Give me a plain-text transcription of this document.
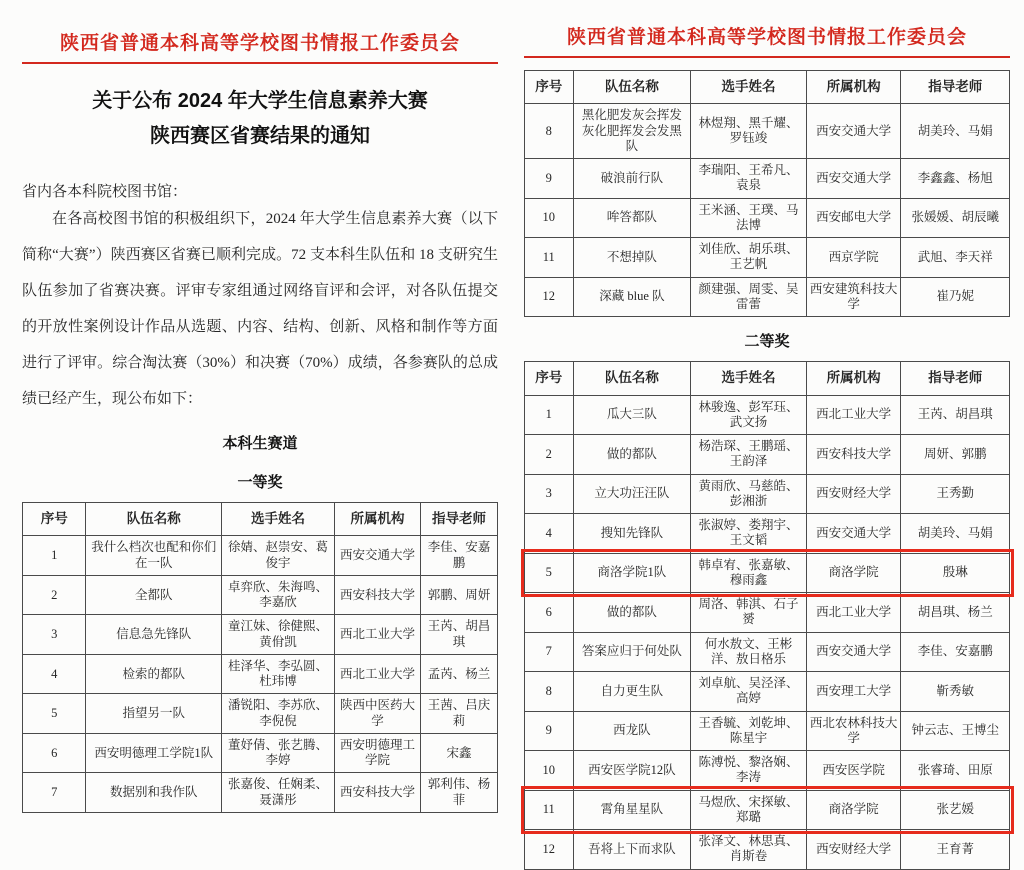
陕西省普通本科高等学校图书情报工作委员会
关于公布 2024 年大学生信息素养大赛
陕西赛区省赛结果的通知
省内各本科院校图书馆：

在各高校图书馆的积极组织下，2024 年大学生信息素养大赛（以下简称“大赛”）陕西赛区省赛已顺利完成。72 支本科生队伍和 18 支研究生队伍参加了省赛决赛。评审专家组通过网络盲评和会评，对各队伍提交的开放性案例设计作品从选题、内容、结构、创新、风格和制作等方面进行了评审。综合淘汰赛（30%）和决赛（70%）成绩，各参赛队的总成绩已经产生，现公布如下：

本科生赛道
一等奖
序号	队伍名称	选手姓名	所属机构	指导老师
1	我什么档次也配和你们在一队	徐婧、赵崇安、葛俊宇	西安交通大学	李佳、安嘉鹏
2	全都队	卓弈欣、朱海鸣、李嘉欣	西安科技大学	郭鹏、周妍
3	信息急先锋队	童江妹、徐健熙、黄佾凯	西北工业大学	王芮、胡昌琪
4	检索的都队	桂泽华、李弘圆、杜玮博	西北工业大学	孟芮、杨兰
5	指望另一队	潘锐阳、李苏欣、李倪倪	陕西中医药大学	王茜、吕庆莉
6	西安明德理工学院1队	董妤倩、张艺腾、李婷	西安明德理工学院	宋鑫
7	数据别和我作队	张嘉俊、任娴柔、聂潇彤	西安科技大学	郭利伟、杨菲
陕西省普通本科高等学校图书情报工作委员会
序号	队伍名称	选手姓名	所属机构	指导老师
8	黑化肥发灰会挥发灰化肥挥发会发黑队	林煜翔、黑千耀、罗钰竣	西安交通大学	胡美玲、马娟
9	破浪前行队	李瑞阳、王希凡、袁泉	西安交通大学	李鑫鑫、杨旭
10	哞答都队	王米涵、王璞、马法博	西安邮电大学	张媛媛、胡辰曦
11	不想掉队	刘佳欣、胡乐琪、王艺帆	西京学院	武旭、李天祥
12	深藏 blue 队	颜建强、周雯、吴雷蕾	西安建筑科技大学	崔乃妮
二等奖
序号	队伍名称	选手姓名	所属机构	指导老师
1	瓜大三队	林骏逸、彭军珏、武文扬	西北工业大学	王芮、胡昌琪
2	做的都队	杨浩琛、王鹏瑶、王韵泽	西安科技大学	周妍、郭鹏
3	立大功汪汪队	黄雨欣、马慈皓、彭湘浙	西安财经大学	王秀勤
4	搜知先锋队	张淑婷、娄翔宇、王文韬	西安交通大学	胡美玲、马娟
5	商洛学院1队	韩卓宥、张嘉敏、穆雨鑫	商洛学院	殷琳
6	做的都队	周洛、韩淇、石子赟	西北工业大学	胡昌琪、杨兰
7	答案应归于何处队	何水敖文、王彬洋、敖日格乐	西安交通大学	李佳、安嘉鹏
8	自力更生队	刘卓航、吴泾泽、高婷	西安理工大学	靳秀敏
9	西龙队	王香毓、刘乾坤、陈星宇	西北农林科技大学	钟云志、王博尘
10	西安医学院12队	陈溥悦、黎洛娴、李涛	西安医学院	张睿琦、田原
11	霄角星星队	马煜欣、宋探敏、郑璐	商洛学院	张艺媛
12	吾将上下而求队	张泽文、林思真、肖斯卷	西安财经大学	王育菁
